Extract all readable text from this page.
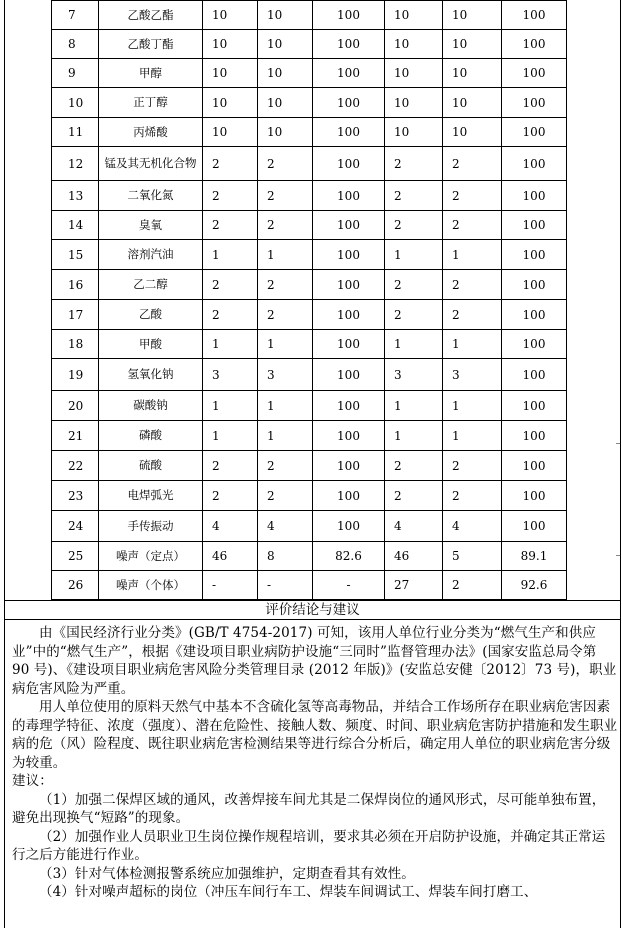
7	乙酸乙酯	10	10	100	10	10	100
8	乙酸丁酯	10	10	100	10	10	100
9	甲醇	10	10	100	10	10	100
10	正丁醇	10	10	100	10	10	100
11	丙烯酸	10	10	100	10	10	100
12	锰及其无机化合物	2	2	100	2	2	100
13	二氧化氮	2	2	100	2	2	100
14	臭氧	2	2	100	2	2	100
15	溶剂汽油	1	1	100	1	1	100
16	乙二醇	2	2	100	2	2	100
17	乙酸	2	2	100	2	2	100
18	甲酸	1	1	100	1	1	100
19	氢氧化钠	3	3	100	3	3	100
20	碳酸钠	1	1	100	1	1	100
21	磷酸	1	1	100	1	1	100
22	硫酸	2	2	100	2	2	100
23	电焊弧光	2	2	100	2	2	100
24	手传振动	4	4	100	4	4	100
25	噪声（定点）	46	8	82.6	46	5	89.1
26	噪声（个体）	-	-	-	27	2	92.6
评价结论与建议

由《国民经济行业分类》(GB/T 4754-2017) 可知，该用人单位行业分类为“燃气生产和供应业”中的“燃气生产”，根据《建设项目职业病防护设施“三同时”监督管理办法》(国家安监总局令第 90 号)、《建设项目职业病危害风险分类管理目录 (2012 年版)》(安监总安健〔2012〕73 号)，职业病危害风险为严重。

用人单位使用的原料天然气中基本不含硫化氢等高毒物品，并结合工作场所存在职业病危害因素的毒理学特征、浓度（强度）、潜在危险性、接触人数、频度、时间、职业病危害防护措施和发生职业病的危（风）险程度、既往职业病危害检测结果等进行综合分析后，确定用人单位的职业病危害分级为较重。

建议：

（1）加强二保焊区域的通风，改善焊接车间尤其是二保焊岗位的通风形式，尽可能单独布置，避免出现换气“短路”的现象。

（2）加强作业人员职业卫生岗位操作规程培训，要求其必须在开启防护设施，并确定其正常运行之后方能进行作业。

（3）针对气体检测报警系统应加强维护，定期查看其有效性。

（4）针对噪声超标的岗位（冲压车间行车工、焊装车间调试工、焊装车间打磨工、
